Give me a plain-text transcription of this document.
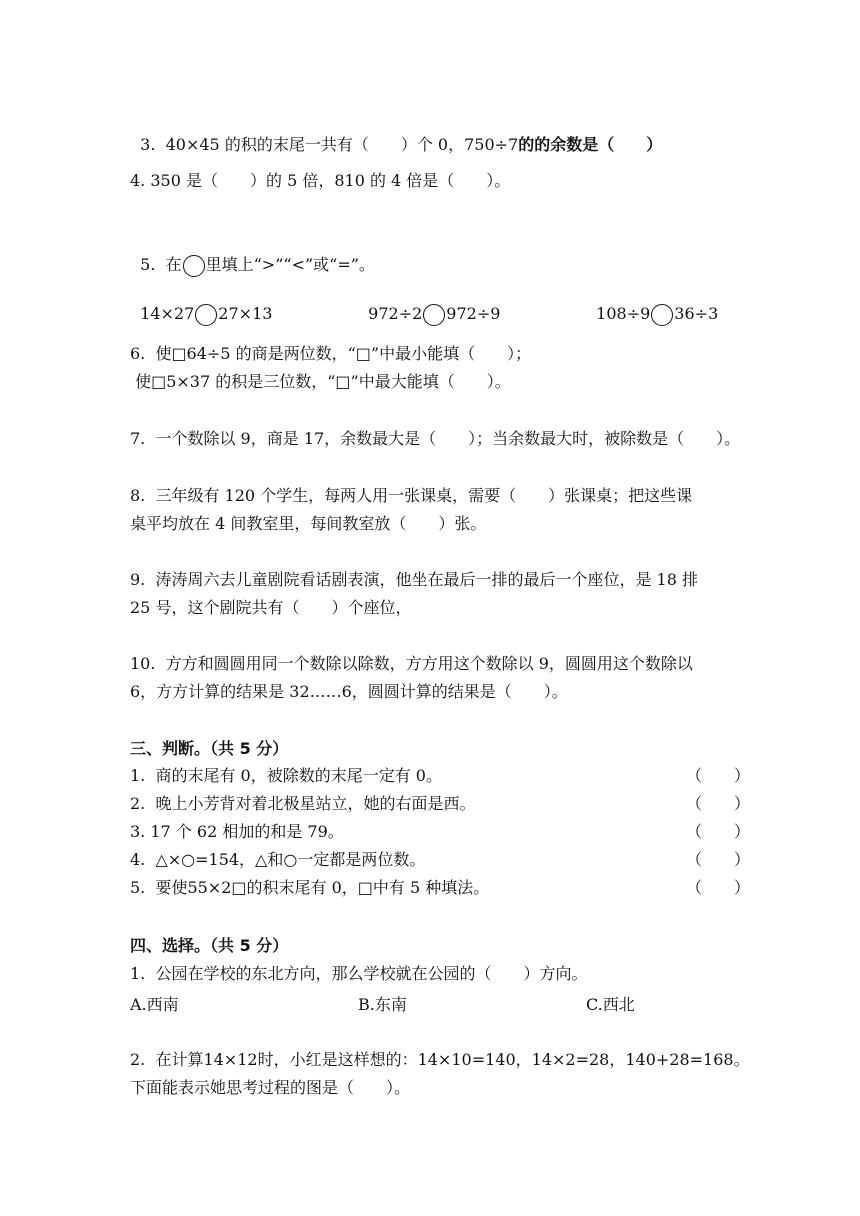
3.  40×45 的积的末尾一共有（　　）个 0，750÷7的的余数是（　　）

4. 350 是（　　）的 5 倍，810 的 4 倍是（　　）。

5.  在 里填上“>”“<”或“=”。

14×27 27×13	972÷2 972÷9	108÷9 36÷3

6.  使□64÷5 的商是两位数，“□”中最小能填（　　）；
使□5×37 的积是三位数，“□”中最大能填（　　）。
7.  一个数除以 9，商是 17，余数最大是（　　）；当余数最大时，被除数是（　　）。
8.  三年级有 120 个学生，每两人用一张课桌，需要（　　）张课桌；把这些课
桌平均放在 4 间教室里，每间教室放（　　）张。
9.  涛涛周六去儿童剧院看话剧表演，他坐在最后一排的最后一个座位，是 18 排
25 号，这个剧院共有（　　）个座位，
10.  方方和圆圆用同一个数除以除数，方方用这个数除以 9，圆圆用这个数除以
6，方方计算的结果是 32……6，圆圆计算的结果是（　　）。
三、判断。（共 5 分）
1.  商的末尾有 0，被除数的末尾一定有 0。	（　　）
2.  晚上小芳背对着北极星站立，她的右面是西。	（　　）
3. 17 个 62 相加的和是 79。	（　　）
4.  △×○=154，△和○一定都是两位数。	（　　）
5.  要使55×2□的积末尾有 0，□中有 5 种填法。	（　　）
四、选择。（共 5 分）
1.  公园在学校的东北方向，那么学校就在公园的（　　）方向。
A.西南	B.东南	C.西北
2.  在计算14×12时，小红是这样想的：14×10=140，14×2=28，140+28=168。
下面能表示她思考过程的图是（　　）。
